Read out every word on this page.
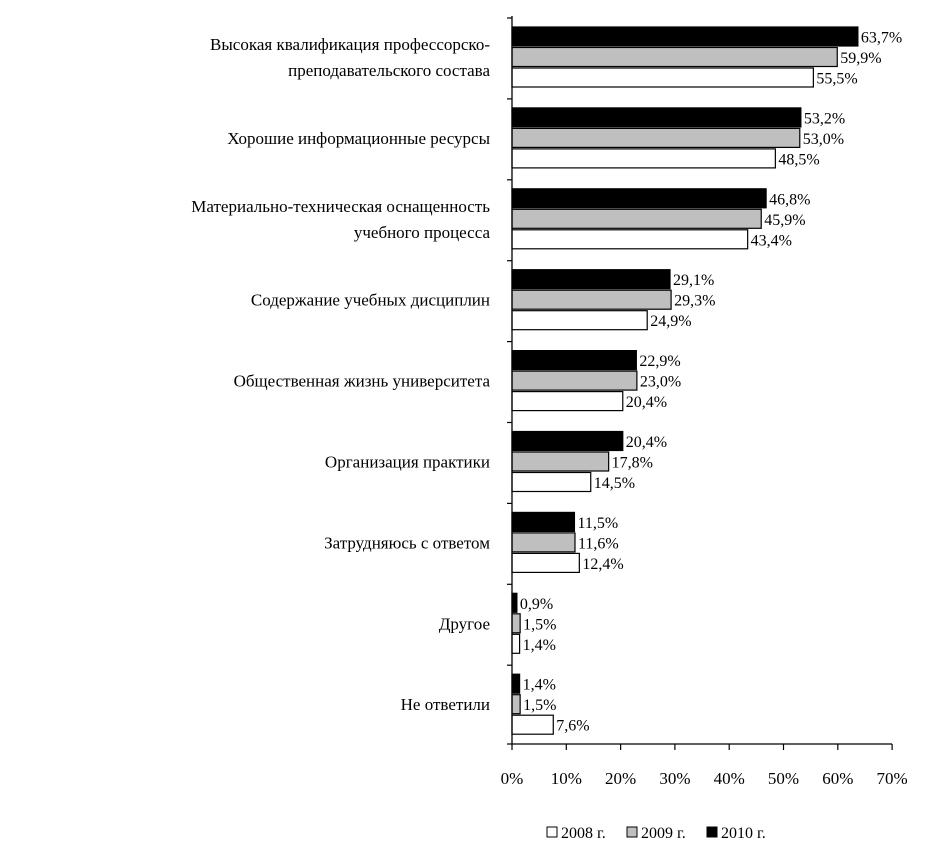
0% 10% 20% 30% 40% 50% 60% 70%
Высокая квалификация профессорско-
преподавательского состава
63,7%
59,9%
55,5%
Хорошие информационные ресурсы
53,2%
53,0%
48,5%
Материально-техническая оснащенность
учебного процесса
46,8%
45,9%
43,4%
Содержание учебных дисциплин
29,1%
29,3%
24,9%
Общественная жизнь университета
22,9%
23,0%
20,4%
Организация практики
20,4%
17,8%
14,5%
Затрудняюсь с ответом
11,5%
11,6%
12,4%
Другое
0,9%
1,5%
1,4%
Не ответили
1,4%
1,5%
7,6%
2008 г. 2009 г. 2010 г.
